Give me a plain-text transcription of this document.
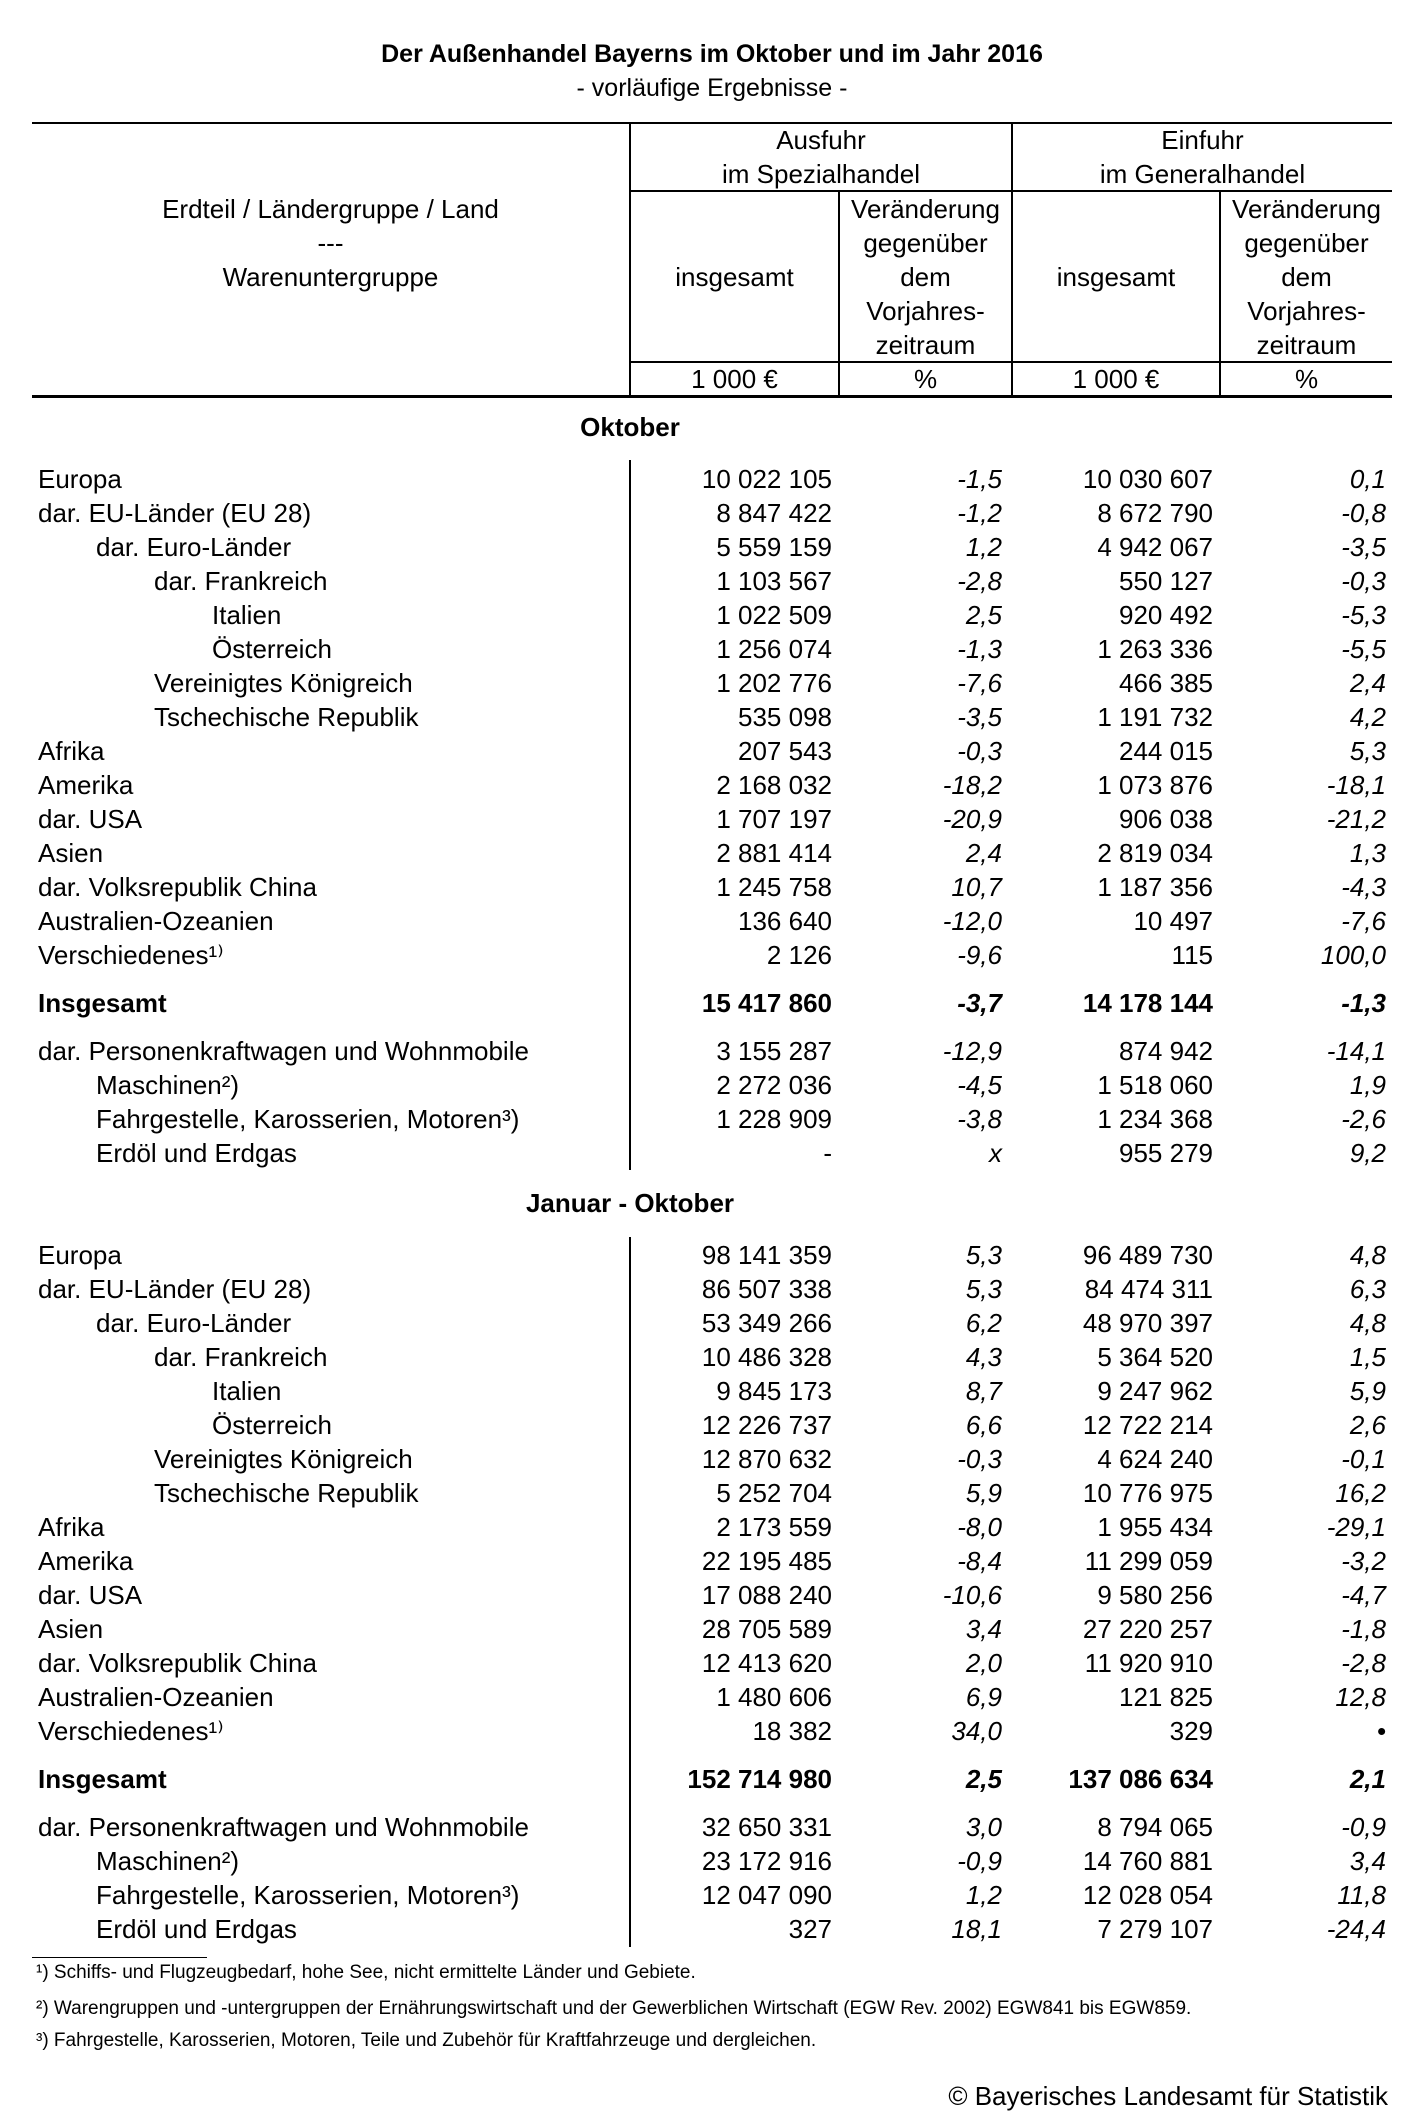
Der Außenhandel Bayerns im Oktober und im Jahr 2016
- vorläufige Ergebnisse -
Erdteil / Ländergruppe / Land
---
Warenuntergruppe
Ausfuhr
im Spezialhandel
Einfuhr
im Generalhandel
insgesamt
Veränderung
gegenüber
dem
Vorjahres-
zeitraum
insgesamt
Veränderung
gegenüber
dem
Vorjahres-
zeitraum
1 000 €	%	1 000 €	%
Oktober
Europa	10 022 105	-1,5	10 030 607	0,1
dar. EU-Länder (EU 28)	8 847 422	-1,2	8 672 790	-0,8
dar. Euro-Länder	5 559 159	1,2	4 942 067	-3,5
dar. Frankreich	1 103 567	-2,8	550 127	-0,3
Italien	1 022 509	2,5	920 492	-5,3
Österreich	1 256 074	-1,3	1 263 336	-5,5
Vereinigtes Königreich	1 202 776	-7,6	466 385	2,4
Tschechische Republik	535 098	-3,5	1 191 732	4,2
Afrika	207 543	-0,3	244 015	5,3
Amerika	2 168 032	-18,2	1 073 876	-18,1
dar. USA	1 707 197	-20,9	906 038	-21,2
Asien	2 881 414	2,4	2 819 034	1,3
dar. Volksrepublik China	1 245 758	10,7	1 187 356	-4,3
Australien-Ozeanien	136 640	-12,0	10 497	-7,6
Verschiedenes¹⁾	2 126	-9,6	115	100,0
Insgesamt	15 417 860	-3,7	14 178 144	-1,3
dar. Personenkraftwagen und Wohnmobile	3 155 287	-12,9	874 942	-14,1
Maschinen²)	2 272 036	-4,5	1 518 060	1,9
Fahrgestelle, Karosserien, Motoren³)	1 228 909	-3,8	1 234 368	-2,6
Erdöl und Erdgas	-	x	955 279	9,2
Januar - Oktober
Europa	98 141 359	5,3	96 489 730	4,8
dar. EU-Länder (EU 28)	86 507 338	5,3	84 474 311	6,3
dar. Euro-Länder	53 349 266	6,2	48 970 397	4,8
dar. Frankreich	10 486 328	4,3	5 364 520	1,5
Italien	9 845 173	8,7	9 247 962	5,9
Österreich	12 226 737	6,6	12 722 214	2,6
Vereinigtes Königreich	12 870 632	-0,3	4 624 240	-0,1
Tschechische Republik	5 252 704	5,9	10 776 975	16,2
Afrika	2 173 559	-8,0	1 955 434	-29,1
Amerika	22 195 485	-8,4	11 299 059	-3,2
dar. USA	17 088 240	-10,6	9 580 256	-4,7
Asien	28 705 589	3,4	27 220 257	-1,8
dar. Volksrepublik China	12 413 620	2,0	11 920 910	-2,8
Australien-Ozeanien	1 480 606	6,9	121 825	12,8
Verschiedenes¹⁾	18 382	34,0	329	•
Insgesamt	152 714 980	2,5	137 086 634	2,1
dar. Personenkraftwagen und Wohnmobile	32 650 331	3,0	8 794 065	-0,9
Maschinen²)	23 172 916	-0,9	14 760 881	3,4
Fahrgestelle, Karosserien, Motoren³)	12 047 090	1,2	12 028 054	11,8
Erdöl und Erdgas	327	18,1	7 279 107	-24,4
¹) Schiffs- und Flugzeugbedarf, hohe See, nicht ermittelte Länder und Gebiete.
²) Warengruppen und -untergruppen der Ernährungswirtschaft und der Gewerblichen Wirtschaft (EGW Rev. 2002) EGW841 bis EGW859.
³) Fahrgestelle, Karosserien, Motoren, Teile und Zubehör für Kraftfahrzeuge und dergleichen.
© Bayerisches Landesamt für Statistik
